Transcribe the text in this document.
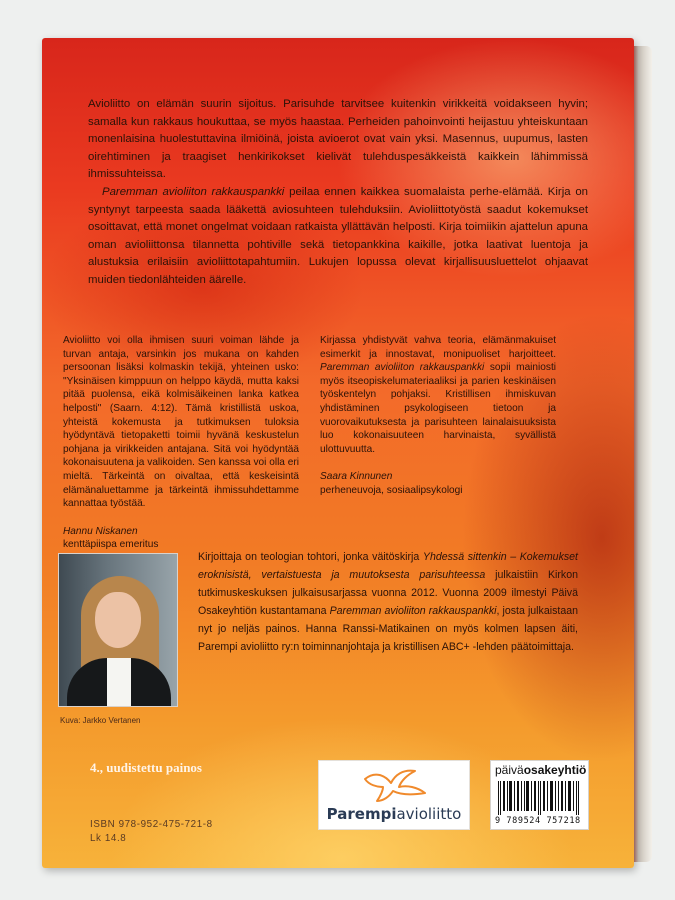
Avioliitto on elämän suurin sijoitus. Parisuhde tarvitsee kuitenkin virikkeitä voidakseen hyvin; samalla kun rakkaus houkuttaa, se myös haastaa. Perheiden pahoinvointi heijastuu yhteiskuntaan monenlaisina huolestuttavina ilmiöinä, joista avioerot ovat vain yksi. Masennus, uupumus, lasten oirehtiminen ja traagiset henkirikokset kielivät tulehduspesäkkeistä kaikkein lähimmissä ihmissuhteissa.

Paremman avioliiton rakkauspankki peilaa ennen kaikkea suomalaista perhe-elämää. Kirja on syntynyt tarpeesta saada lääkettä aviosuhteen tulehduksiin. Avioliittotyöstä saadut kokemukset osoittavat, että monet ongelmat voidaan ratkaista yllättävän helposti. Kirja toimiikin ajattelun apuna oman avioliittonsa tilannetta pohtiville sekä tietopankkina kaikille, jotka laativat luentoja ja alustuksia erilaisiin avioliittotapahtumiin. Lukujen lopussa olevat kirjallisuusluettelot ohjaavat muiden tiedonlähteiden äärelle.

Avioliitto voi olla ihmisen suuri voiman lähde ja turvan antaja, varsinkin jos mukana on kahden persoonan lisäksi kolmaskin tekijä, yhteinen usko: "Yksinäisen kimppuun on helppo käydä, mutta kaksi pitää puolensa, eikä kolmisäikeinen lanka katkea helposti" (Saarn. 4:12). Tämä kristillistä uskoa, yhteistä kokemusta ja tutkimuksen tuloksia hyödyntävä tietopaketti toimii hyvänä keskustelun pohjana ja virikkeiden antajana. Sitä voi hyödyntää kokonaisuutena ja valikoiden. Sen kanssa voi olla eri mieltä. Tärkeintä on oivaltaa, että keskeisintä elämänaluettamme ja tärkeintä ihmissuhdettamme kannattaa työstää.

Hannu Niskanen
kenttäpiispa emeritus

Kirjassa yhdistyvät vahva teoria, elämänmakuiset esimerkit ja innostavat, monipuoliset harjoitteet. Paremman avioliiton rakkauspankki sopii mainiosti myös itseopiskelumateriaaliksi ja parien keskinäisen työskentelyn pohjaksi. Kristillisen ihmiskuvan yhdistäminen psykologiseen tietoon ja vuorovaikutuksesta ja parisuhteen lainalaisuuksista luo kokonaisuuteen harvinaista, syvällistä ulottuvuutta.

Saara Kinnunen
perheneuvoja, sosiaalipsykologi

Kuva: Jarkko Vertanen
Kirjoittaja on teologian tohtori, jonka väitöskirja Yhdessä sittenkin – Kokemukset eroknisistä, vertaistuesta ja muutoksesta parisuhteessa julkaistiin Kirkon tutkimuskeskuksen julkaisusarjassa vuonna 2012. Vuonna 2009 ilmestyi Päivä Osakeyhtiön kustantamana Paremman avioliiton rakkauspankki, josta julkaistaan nyt jo neljäs painos. Hanna Ranssi-Matikainen on myös kolmen lapsen äiti, Parempi avioliitto ry:n toiminnanjohtaja ja kristillisen ABC+ -lehden päätoimittaja.
4., uudistettu painos
ISBN 978-952-475-721-8
Lk 14.8
Parempiavioliitto
päiväosakeyhtiö
9 789524 757218
